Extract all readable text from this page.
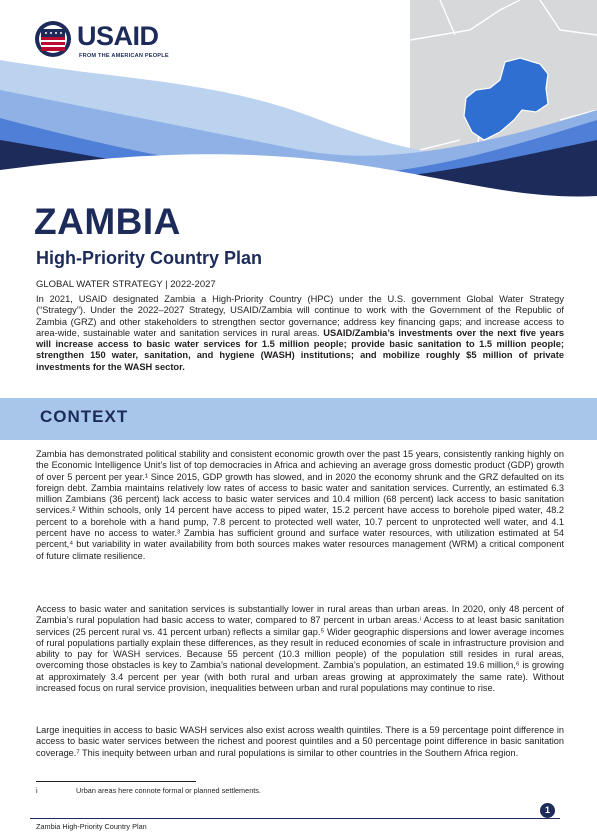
USAID
FROM THE AMERICAN PEOPLE
ZAMBIA
High-Priority Country Plan
GLOBAL WATER STRATEGY | 2022-2027
In 2021, USAID designated Zambia a High-Priority Country (HPC) under the U.S. government Global Water Strategy (“Strategy”). Under the 2022–2027 Strategy, USAID/Zambia will continue to work with the Government of the Republic of Zambia (GRZ) and other stakeholders to strengthen sector governance; address key financing gaps; and increase access to area-wide, sustainable water and sanitation services in rural areas. USAID/Zambia’s investments over the next five years will increase access to basic water services for 1.5 million people; provide basic sanitation to 1.5 million people; strengthen 150 water, sanitation, and hygiene (WASH) institutions; and mobilize roughly $5 million of private investments for the WASH sector.
CONTEXT
Zambia has demonstrated political stability and consistent economic growth over the past 15 years, consistently ranking highly on the Economic Intelligence Unit’s list of top democracies in Africa and achieving an average gross domestic product (GDP) growth of over 5 percent per year.¹ Since 2015, GDP growth has slowed, and in 2020 the economy shrunk and the GRZ defaulted on its foreign debt. Zambia maintains relatively low rates of access to basic water and sanitation services. Currently, an estimated 6.3 million Zambians (36 percent) lack access to basic water services and 10.4 million (68 percent) lack access to basic sanitation services.² Within schools, only 14 percent have access to piped water, 15.2 percent have access to borehole piped water, 48.2 percent to a borehole with a hand pump, 7.8 percent to protected well water, 10.7 percent to unprotected well water, and 4.1 percent have no access to water.³ Zambia has sufficient ground and surface water resources, with utilization estimated at 54 percent,⁴ but variability in water availability from both sources makes water resources management (WRM) a critical component of future climate resilience.
Access to basic water and sanitation services is substantially lower in rural areas than urban areas. In 2020, only 48 percent of Zambia’s rural population had basic access to water, compared to 87 percent in urban areas.ⁱ Access to at least basic sanitation services (25 percent rural vs. 41 percent urban) reflects a similar gap.⁵ Wider geographic dispersions and lower average incomes of rural populations partially explain these differences, as they result in reduced economies of scale in infrastructure provision and ability to pay for WASH services. Because 55 percent (10.3 million people) of the population still resides in rural areas, overcoming those obstacles is key to Zambia’s national development. Zambia’s population, an estimated 19.6 million,⁶ is growing at approximately 3.4 percent per year (with both rural and urban areas growing at approximately the same rate). Without increased focus on rural service provision, inequalities between urban and rural populations may continue to rise.
Large inequities in access to basic WASH services also exist across wealth quintiles. There is a 59 percentage point difference in access to basic water services between the richest and poorest quintiles and a 50 percentage point difference in basic sanitation coverage.⁷ This inequity between urban and rural populations is similar to other countries in the Southern Africa region.
i	Urban areas here connote formal or planned settlements.
1
Zambia High-Priority Country Plan
